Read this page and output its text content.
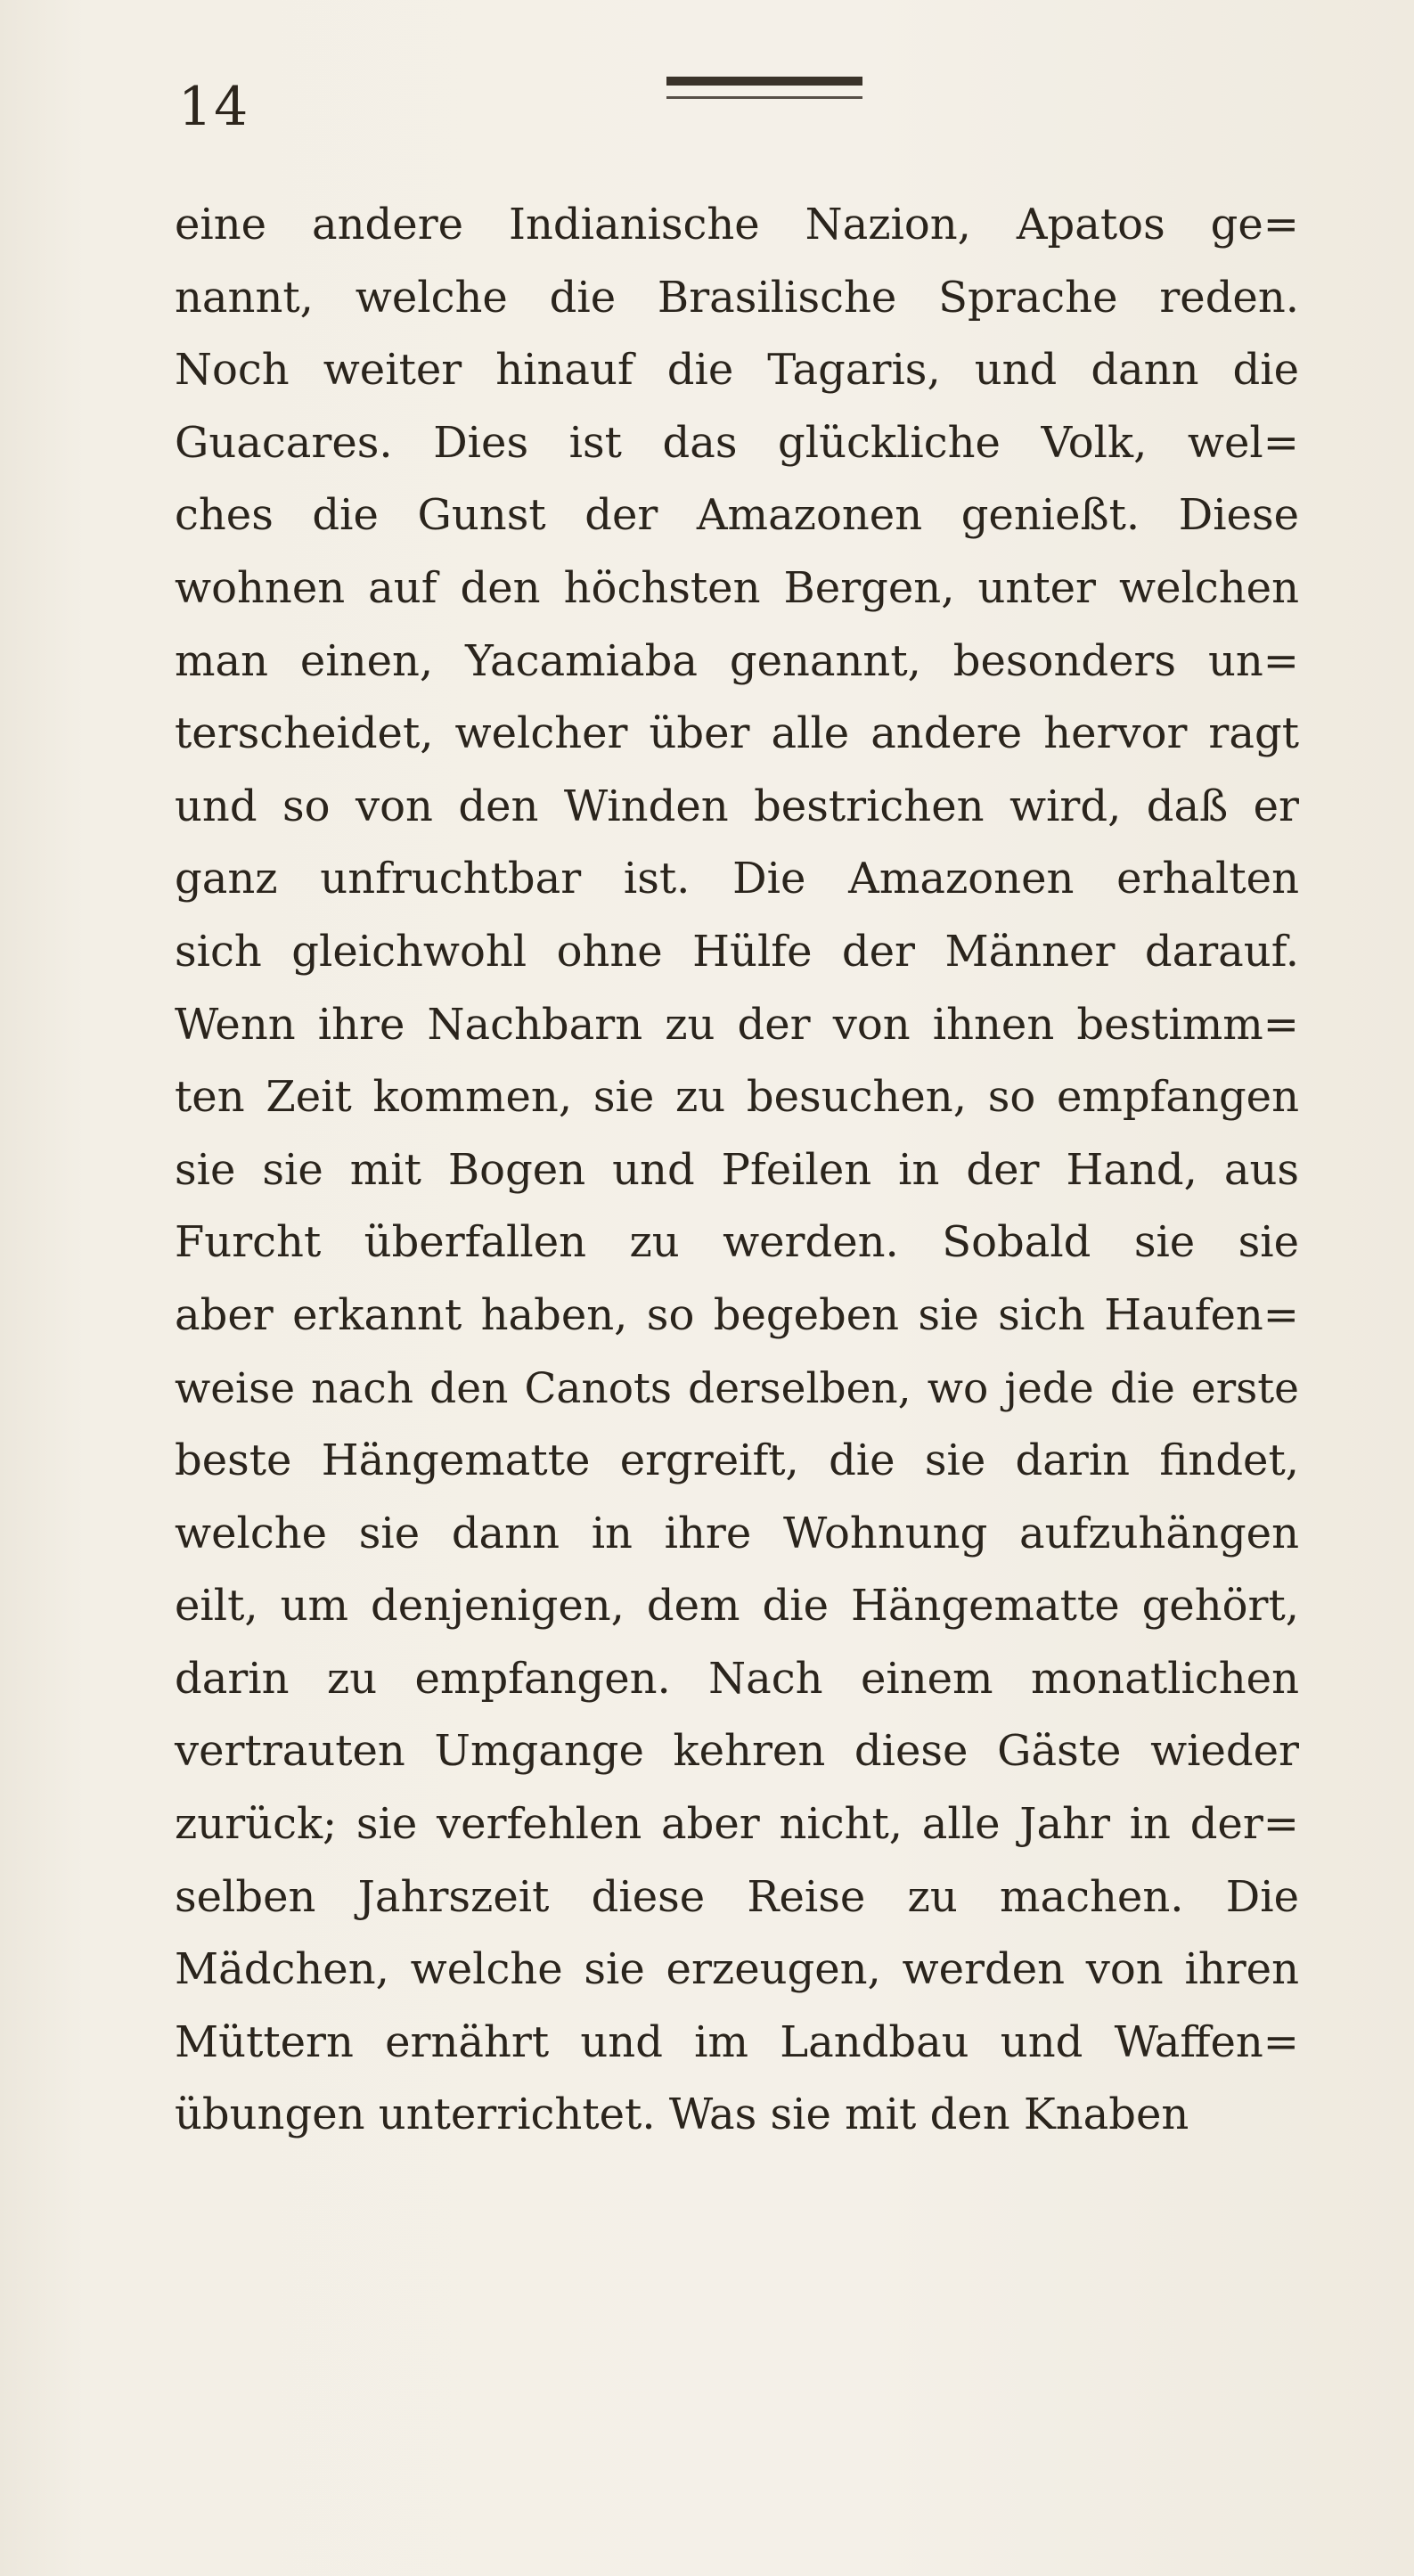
14
eine andere Indianische Nazion, Apatos ge=
nannt, welche die Brasilische Sprache reden.
Noch weiter hinauf die Tagaris, und dann die
Guacares. Dies ist das glückliche Volk, wel=
ches die Gunst der Amazonen genießt. Diese
wohnen auf den höchsten Bergen, unter welchen
man einen, Yacamiaba genannt, besonders un=
terscheidet, welcher über alle andere hervor ragt
und so von den Winden bestrichen wird, daß er
ganz unfruchtbar ist. Die Amazonen erhalten
sich gleichwohl ohne Hülfe der Männer darauf.
Wenn ihre Nachbarn zu der von ihnen bestimm=
ten Zeit kommen, sie zu besuchen, so empfangen
sie sie mit Bogen und Pfeilen in der Hand, aus
Furcht überfallen zu werden. Sobald sie sie
aber erkannt haben, so begeben sie sich Haufen=
weise nach den Canots derselben, wo jede die erste
beste Hängematte ergreift, die sie darin findet,
welche sie dann in ihre Wohnung aufzuhängen
eilt, um denjenigen, dem die Hängematte gehört,
darin zu empfangen. Nach einem monatlichen
vertrauten Umgange kehren diese Gäste wieder
zurück; sie verfehlen aber nicht, alle Jahr in der=
selben Jahrszeit diese Reise zu machen. Die
Mädchen, welche sie erzeugen, werden von ihren
Müttern ernährt und im Landbau und Waffen=
übungen unterrichtet. Was sie mit den Knaben
